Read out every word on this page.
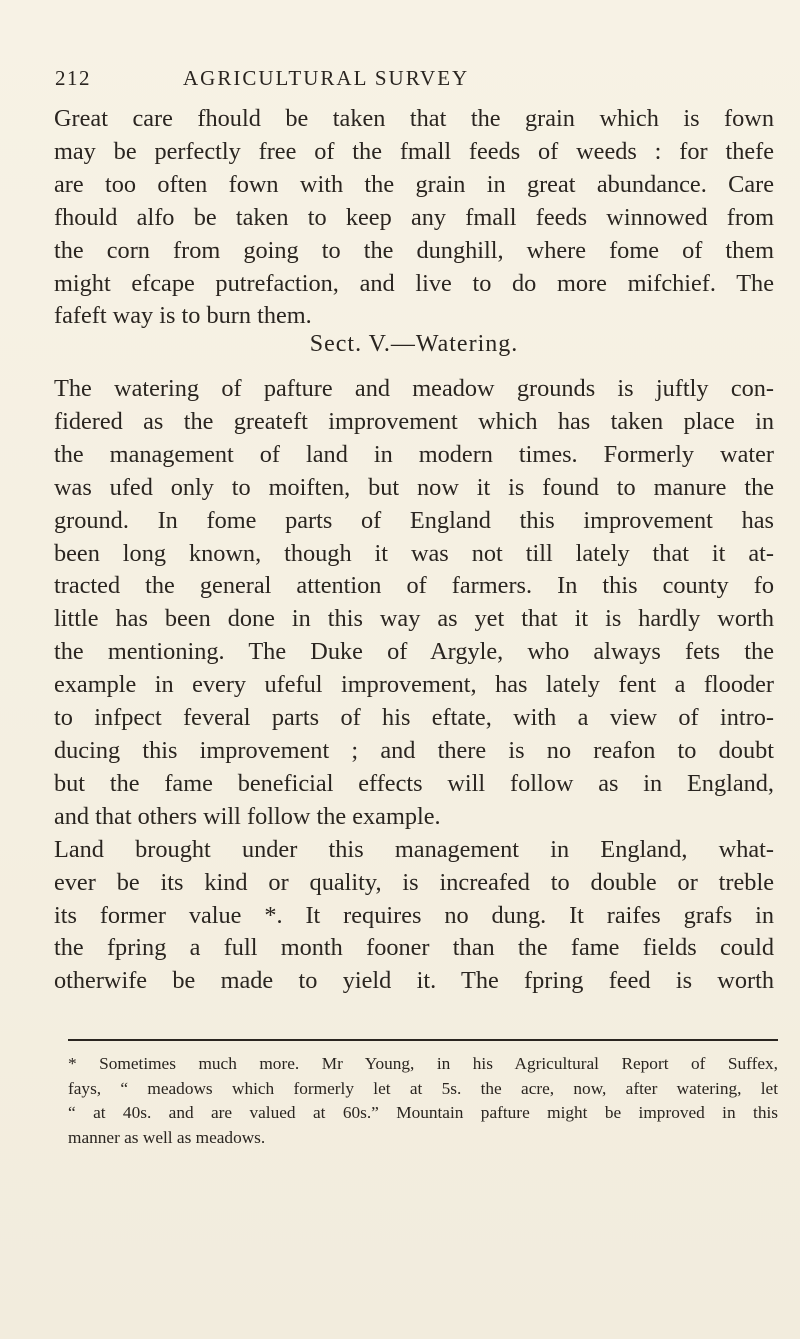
212	AGRICULTURAL SURVEY
Great care fhould be taken that the grain which is fown
may be perfectly free of the fmall feeds of weeds : for thefe
are too often fown with the grain in great abundance. Care
fhould alfo be taken to keep any fmall feeds winnowed from
the corn from going to the dunghill, where fome of them
might efcape putrefaction, and live to do more mifchief. The
fafeft way is to burn them.
Sect. V.—Watering.
The watering of pafture and meadow grounds is juftly con-
fidered as the greateft improvement which has taken place in
the management of land in modern times. Formerly water
was ufed only to moiften, but now it is found to manure the
ground. In fome parts of England this improvement has
been long known, though it was not till lately that it at-
tracted the general attention of farmers. In this county fo
little has been done in this way as yet that it is hardly worth
the mentioning. The Duke of Argyle, who always fets the
example in every ufeful improvement, has lately fent a flooder
to infpect feveral parts of his eftate, with a view of intro-
ducing this improvement ; and there is no reafon to doubt
but the fame beneficial effects will follow as in England,
and that others will follow the example.
Land brought under this management in England, what-
ever be its kind or quality, is increafed to double or treble
its former value *. It requires no dung. It raifes grafs in
the fpring a full month fooner than the fame fields could
otherwife be made to yield it. The fpring feed is worth
* Sometimes much more. Mr Young, in his Agricultural Report of Suffex,
fays, “ meadows which formerly let at 5s. the acre, now, after watering, let
“ at 40s. and are valued at 60s.” Mountain pafture might be improved in this
manner as well as meadows.
